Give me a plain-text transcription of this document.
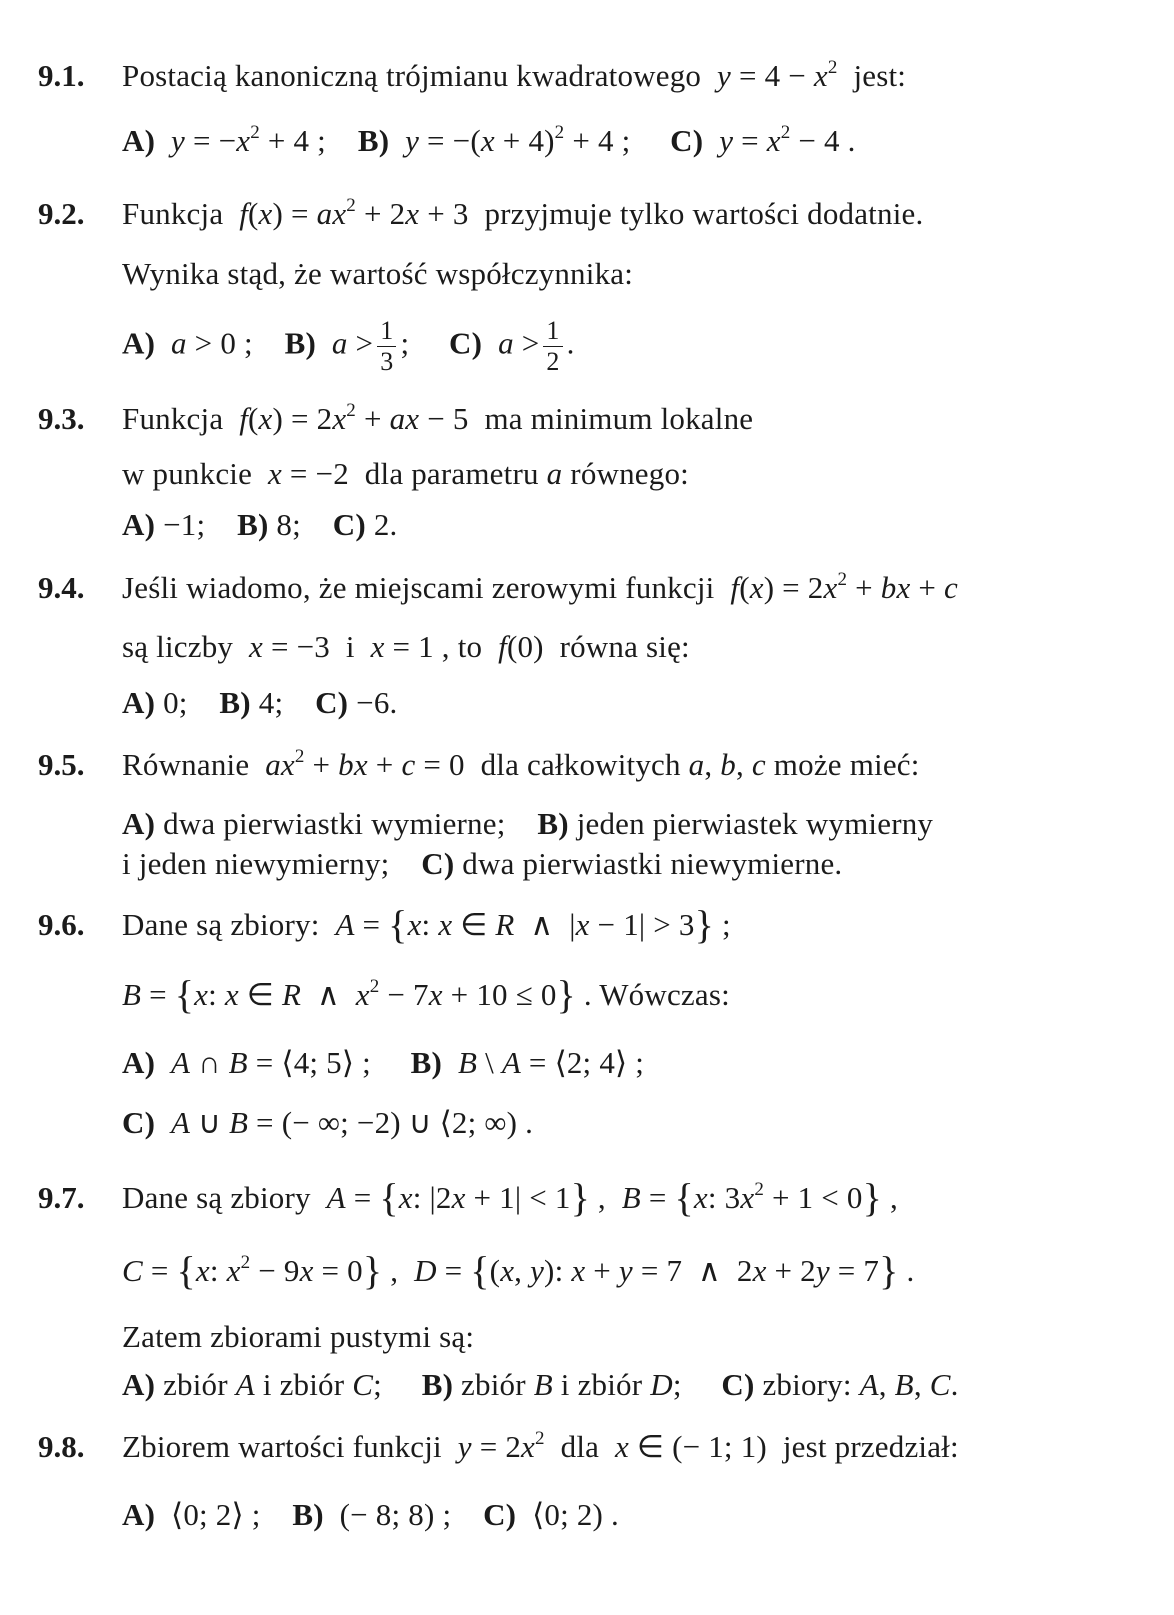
9.1. Postacią kanoniczną trójmianu kwadratowego  $y = 4 - x^2$  jest:
A) $y = -x^2 + 4$ ;    B) $y = -(x + 4)^2 + 4$ ;     C) $y = x^2 - 4$ .
9.2. Funkcja  $f(x) = ax^2 + 2x + 3$  przyjmuje tylko wartości dodatnie.
Wynika stąd, że wartość współczynnika:
A) a > 0 ;    B) $a > \frac{1}{3}$ ;     C) $a > \frac{1}{2}$ .
9.3. Funkcja  $f(x) = 2x^2$ + ax − 5  ma minimum lokalne
w punkcie  x = −2  dla parametru a równego:
A) −1;    B) 8;    C) 2.
9.4. Jeśli wiadomo, że miejscami zerowymi funkcji  $f(x) = 2x^2$ + bx + c
są liczby  x = −3  i  x = 1 , to  f(0)  równa się:
A) 0;    B) 4;    C) −6.
9.5. Równanie  $ax^2$ + bx + c = 0  dla całkowitych a, b, c może mieć:
A) dwa pierwiastki wymierne;    B) jeden pierwiastek wymierny
i jeden niewymierny;    C) dwa pierwiastki niewymierne.
9.6. Dane są zbiory:  A = {x: x ∈ R  ∧  |x − 1| > 3} ;
B = {x: x ∈ R  ∧  $x^2 - 7x + 10 \le 0$} . Wówczas:
A) A ∩ B = ⟨4; 5⟩ ;     B) B \ A = ⟨2; 4⟩ ;
C) A ∪ B = (− ∞; −2) ∪ ⟨2; ∞) .
9.7. Dane są zbiory  A = {x: |2x + 1| < 1} ,  B = {x: $3x^2 + 1 < 0$} ,
C = {x: $x^2 - 9x = 0$} ,  D = {(x, y): x + y = 7  ∧  2x + 2y = 7} .
Zatem zbiorami pustymi są:
A) zbiór A i zbiór C;     B) zbiór B i zbiór D;     C) zbiory: A, B, C.
9.8. Zbiorem wartości funkcji  $y = 2x^2$  dla  x ∈ (− 1; 1)  jest przedział:
A)  ⟨0; 2⟩ ;    B)  (− 8; 8) ;    C)  ⟨0; 2) .
